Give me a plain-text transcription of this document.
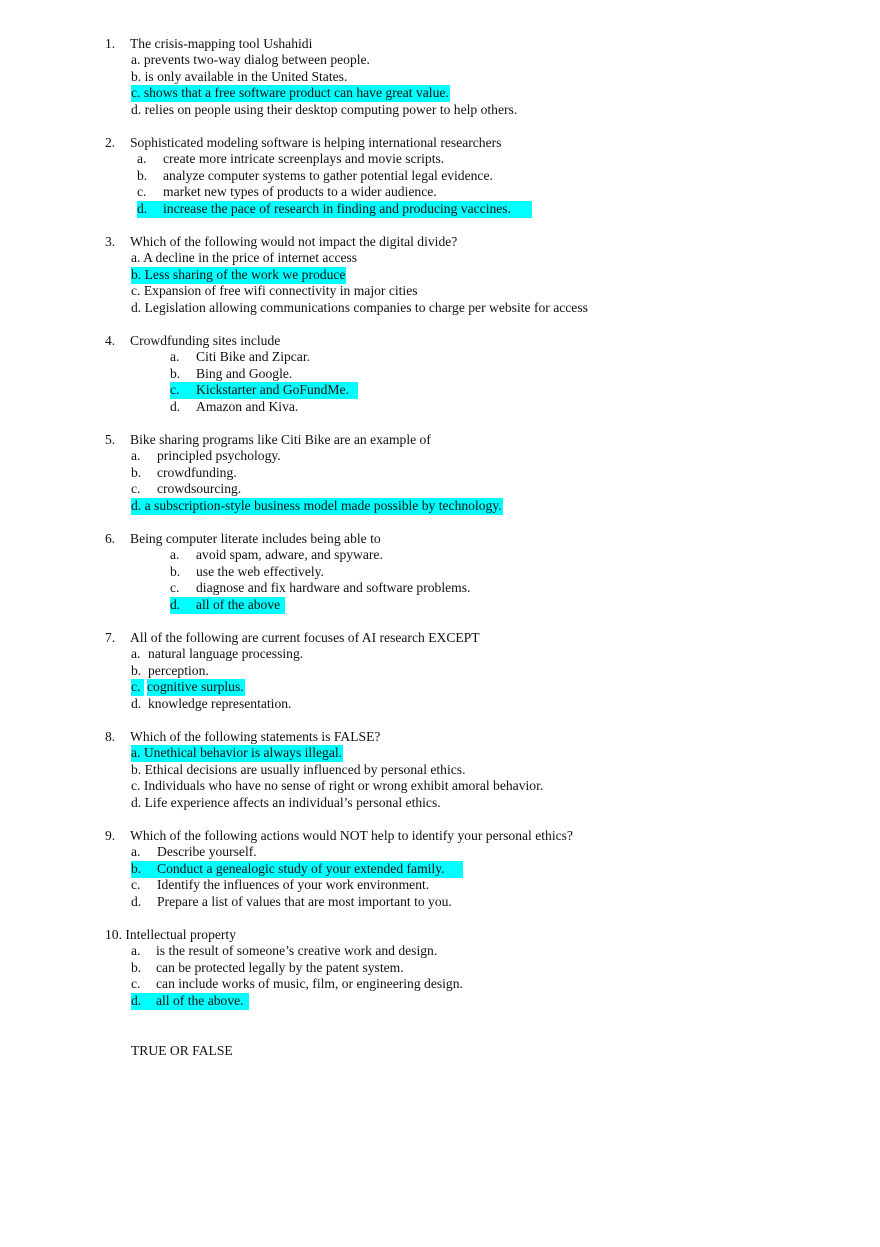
1. The crisis-mapping tool Ushahidi
a. prevents two-way dialog between people.
b. is only available in the United States.
c. shows that a free software product can have great value.
d. relies on people using their desktop computing power to help others.
2. Sophisticated modeling software is helping international researchers
a. create more intricate screenplays and movie scripts.
b. analyze computer systems to gather potential legal evidence.
c. market new types of products to a wider audience.
d. increase the pace of research in finding and producing vaccines.
3. Which of the following would not impact the digital divide?
a. A decline in the price of internet access
b. Less sharing of the work we produce
c. Expansion of free wifi connectivity in major cities
d. Legislation allowing communications companies to charge per website for access
4. Crowdfunding sites include
a. Citi Bike and Zipcar.
b. Bing and Google.
c. Kickstarter and GoFundMe.
d. Amazon and Kiva.
5. Bike sharing programs like Citi Bike are an example of
a. principled psychology.
b. crowdfunding.
c. crowdsourcing.
d. a subscription-style business model made possible by technology.
6. Being computer literate includes being able to
a. avoid spam, adware, and spyware.
b. use the web effectively.
c. diagnose and fix hardware and software problems.
d. all of the above
7. All of the following are current focuses of AI research EXCEPT
a. natural language processing.
b. perception.
c. cognitive surplus.
d. knowledge representation.
8. Which of the following statements is FALSE?
a. Unethical behavior is always illegal.
b. Ethical decisions are usually influenced by personal ethics.
c. Individuals who have no sense of right or wrong exhibit amoral behavior.
d. Life experience affects an individual’s personal ethics.
9. Which of the following actions would NOT help to identify your personal ethics?
a. Describe yourself.
b. Conduct a genealogic study of your extended family.
c. Identify the influences of your work environment.
d. Prepare a list of values that are most important to you.
10. Intellectual property
a. is the result of someone’s creative work and design.
b. can be protected legally by the patent system.
c. can include works of music, film, or engineering design.
d. all of the above.
TRUE OR FALSE
